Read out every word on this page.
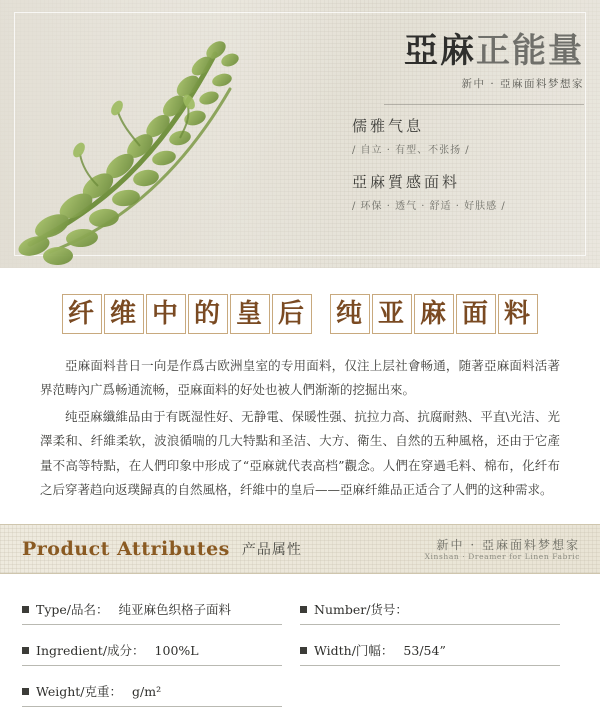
亞麻正能量
新中 · 亞麻面料梦想家
儒雅气息
/ 自立 · 有型、不张扬 /
亞麻質感面料
/ 环保 · 透气 · 舒适 · 好肤感 /
纤 维 中 的 皇 后 纯 亚 麻 面 料

亞麻面料昔日一向是作爲古欧洲皇室的专用面料，仅注上层社會畅通，随著亞麻面料活著界范畴內广爲畅通流畅，亞麻面料的好处也被人們渐渐的挖掘出來。

纯亞麻纖維品由于有既湿性好、无静電、保暖性强、抗拉力高、抗腐耐熱、平直\光洁、光澤柔和、纤維柔软，波浪循喘的几大特點和圣洁、大方、衛生、自然的五种風格，还由于它產量不高等特點，在人們印象中形成了“亞麻就代表高档”觀念。人們在穿過毛料、棉布，化纤布之后穿著趋向返璞歸真的自然風格，纤維中的皇后——亞麻纤維品正适合了人們的这种需求。

Product Attributes 产品属性	新中 · 亞麻面料梦想家
Xinshan · Dreamer for Linen Fabric
Type/品名： 纯亚麻色织格子面料	Number/货号：
Ingredient/成分： 100%L	Width/门幅： 53/54”
Weight/克重： g/m²
